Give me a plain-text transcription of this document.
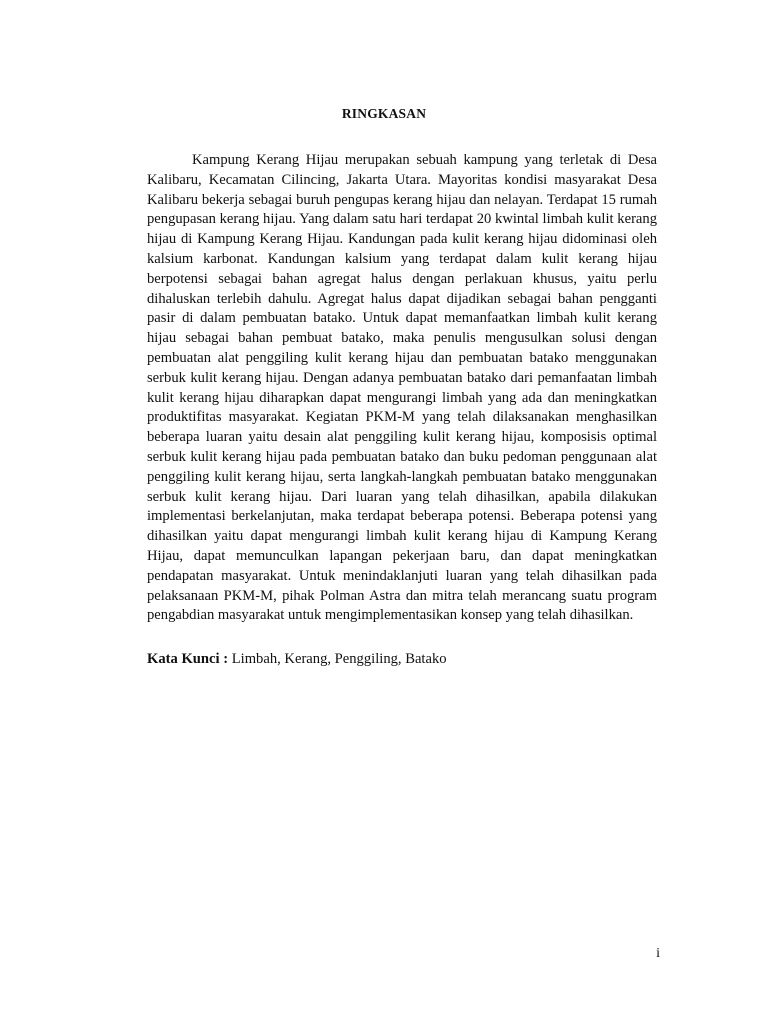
RINGKASAN

Kampung Kerang Hijau merupakan sebuah kampung yang terletak di Desa Kalibaru, Kecamatan Cilincing, Jakarta Utara. Mayoritas kondisi masyarakat Desa Kalibaru bekerja sebagai buruh pengupas kerang hijau dan nelayan. Terdapat 15 rumah pengupasan kerang hijau. Yang dalam satu hari terdapat 20 kwintal limbah kulit kerang hijau di Kampung Kerang Hijau. Kandungan pada kulit kerang hijau didominasi oleh kalsium karbonat. Kandungan kalsium yang terdapat dalam kulit kerang hijau berpotensi sebagai bahan agregat halus dengan perlakuan khusus, yaitu perlu dihaluskan terlebih dahulu. Agregat halus dapat dijadikan sebagai bahan pengganti pasir di dalam pembuatan batako. Untuk dapat memanfaatkan limbah kulit kerang hijau sebagai bahan pembuat batako, maka penulis mengusulkan solusi dengan pembuatan alat penggiling kulit kerang hijau dan pembuatan batako menggunakan serbuk kulit kerang hijau. Dengan adanya pembuatan batako dari pemanfaatan limbah kulit kerang hijau diharapkan dapat mengurangi limbah yang ada dan meningkatkan produktifitas masyarakat. Kegiatan PKM-M yang telah dilaksanakan menghasilkan beberapa luaran yaitu desain alat penggiling kulit kerang hijau, komposisis optimal serbuk kulit kerang hijau pada pembuatan batako dan buku pedoman penggunaan alat penggiling kulit kerang hijau, serta langkah-langkah pembuatan batako menggunakan serbuk kulit kerang hijau. Dari luaran yang telah dihasilkan, apabila dilakukan implementasi berkelanjutan, maka terdapat beberapa potensi. Beberapa potensi yang dihasilkan yaitu dapat mengurangi limbah kulit kerang hijau di Kampung Kerang Hijau, dapat memunculkan lapangan pekerjaan baru, dan dapat meningkatkan pendapatan masyarakat. Untuk menindaklanjuti luaran yang telah dihasilkan pada pelaksanaan PKM-M, pihak Polman Astra dan mitra telah merancang suatu program pengabdian masyarakat untuk mengimplementasikan konsep yang telah dihasilkan.

Kata Kunci : Limbah, Kerang, Penggiling, Batako

i
